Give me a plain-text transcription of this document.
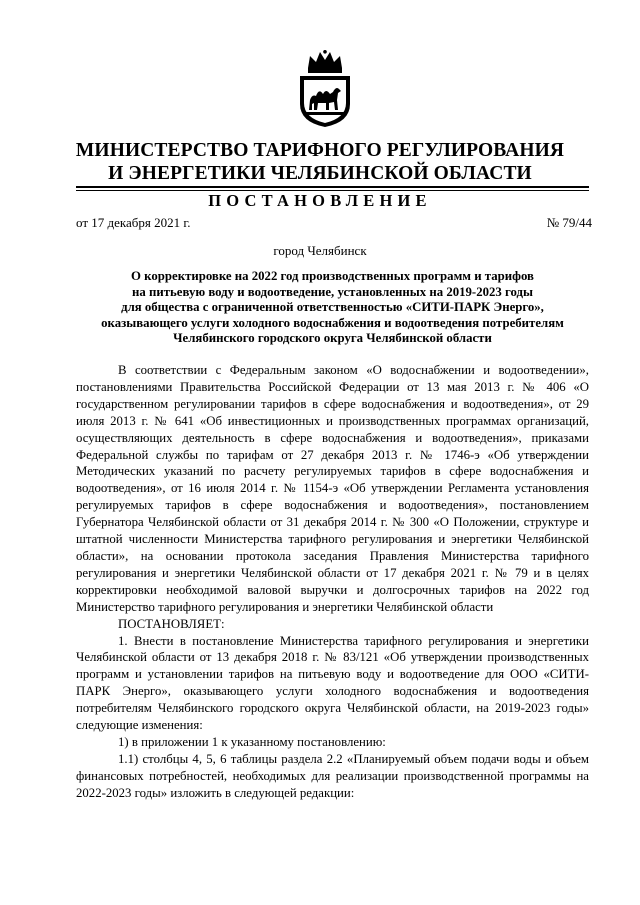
МИНИСТЕРСТВО ТАРИФНОГО РЕГУЛИРОВАНИЯ
И ЭНЕРГЕТИКИ ЧЕЛЯБИНСКОЙ ОБЛАСТИ
ПОСТАНОВЛЕНИЕ
от 17 декабря 2021 г.	№ 79/44
город Челябинск
О корректировке на 2022 год производственных программ и тарифов
на питьевую воду и водоотведение, установленных на 2019-2023 годы
для общества с ограниченной ответственностью «СИТИ-ПАРК Энерго»,
оказывающего услуги холодного водоснабжения и водоотведения потребителям
Челябинского городского округа Челябинской области

В соответствии с Федеральным законом «О водоснабжении и водоотведении», постановлениями Правительства Российской Федерации от 13 мая 2013 г. № 406 «О государственном регулировании тарифов в сфере водоснабжения и водоотведения», от 29 июля 2013 г. № 641 «Об инвестиционных и производственных программах организаций, осуществляющих деятельность в сфере водоснабжения и водоотведения», приказами Федеральной службы по тарифам от 27 декабря 2013 г. № 1746-э «Об утверждении Методических указаний по расчету регулируемых тарифов в сфере водоснабжения и водоотведения», от 16 июля 2014 г. № 1154-э «Об утверждении Регламента установления регулируемых тарифов в сфере водоснабжения и водоотведения», постановлением Губернатора Челябинской области от 31 декабря 2014 г. № 300 «О Положении, структуре и штатной численности Министерства тарифного регулирования и энергетики Челябинской области», на основании протокола заседания Правления Министерства тарифного регулирования и энергетики Челябинской области от 17 декабря 2021 г. № 79 и в целях корректировки необходимой валовой выручки и долгосрочных тарифов на 2022 год Министерство тарифного регулирования и энергетики Челябинской области

ПОСТАНОВЛЯЕТ:

1. Внести в постановление Министерства тарифного регулирования и энергетики Челябинской области от 13 декабря 2018 г. № 83/121 «Об утверждении производственных программ и установлении тарифов на питьевую воду и водоотведение для ООО «СИТИ-ПАРК Энерго», оказывающего услуги холодного водоснабжения и водоотведения потребителям Челябинского городского округа Челябинской области, на 2019-2023 годы» следующие изменения:

1) в приложении 1 к указанному постановлению:

1.1) столбцы 4, 5, 6 таблицы раздела 2.2 «Планируемый объем подачи воды и объем финансовых потребностей, необходимых для реализации производственной программы на 2022-2023 годы» изложить в следующей редакции:
